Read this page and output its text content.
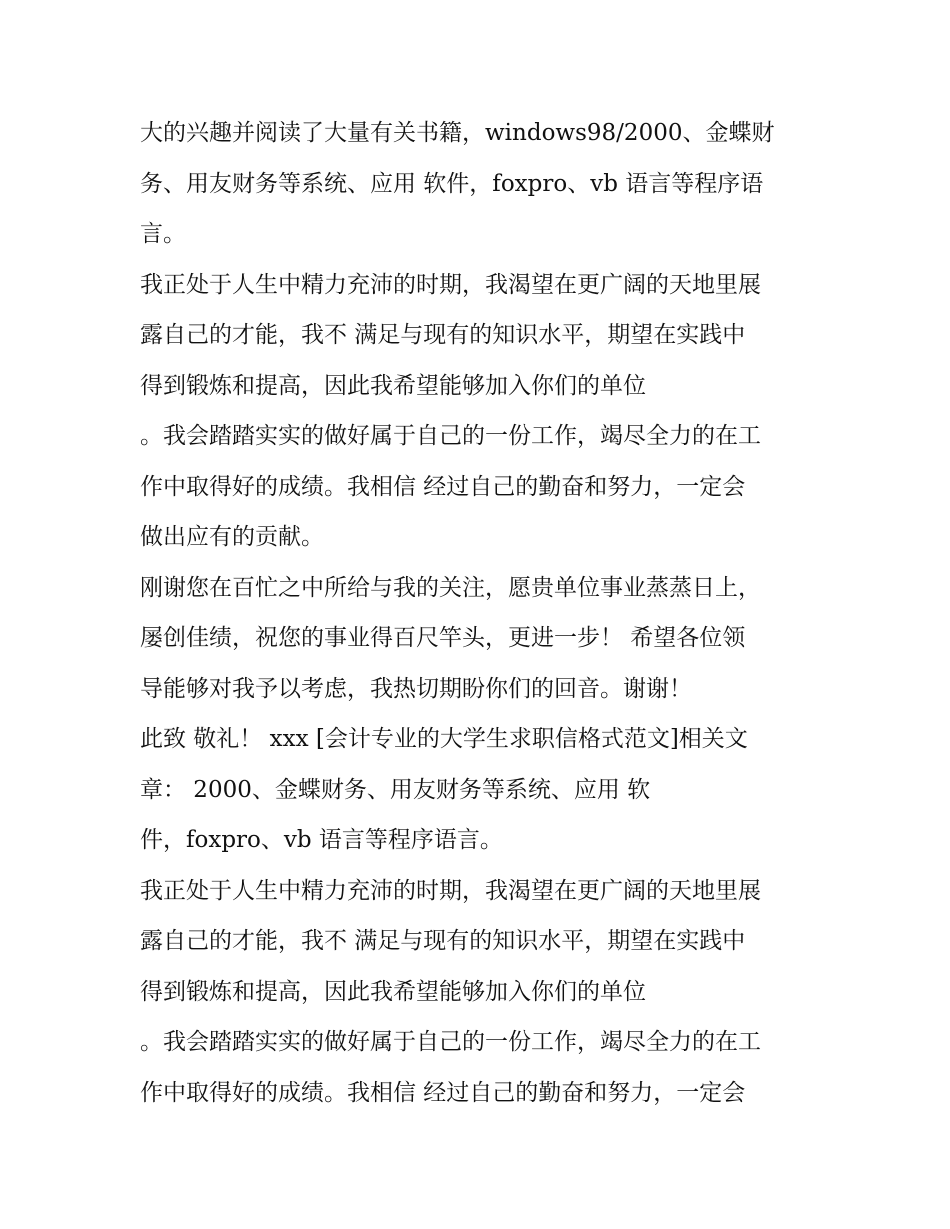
大的兴趣并阅读了大量有关书籍，windows98/2000、金蝶财
务、用友财务等系统、应用 软件，foxpro、vb 语言等程序语
言。
我正处于人生中精力充沛的时期，我渴望在更广阔的天地里展
露自己的才能，我不 满足与现有的知识水平，期望在实践中
得到锻炼和提高，因此我希望能够加入你们的单位
。我会踏踏实实的做好属于自己的一份工作，竭尽全力的在工
作中取得好的成绩。我相信 经过自己的勤奋和努力，一定会
做出应有的贡献。
刚谢您在百忙之中所给与我的关注，愿贵单位事业蒸蒸日上，
屡创佳绩，祝您的事业得百尺竿头，更进一步！ 希望各位领
导能够对我予以考虑，我热切期盼你们的回音。谢谢！
此致 敬礼！ xxx [会计专业的大学生求职信格式范文]相关文
章： 2000、金蝶财务、用友财务等系统、应用 软
件，foxpro、vb 语言等程序语言。
我正处于人生中精力充沛的时期，我渴望在更广阔的天地里展
露自己的才能，我不 满足与现有的知识水平，期望在实践中
得到锻炼和提高，因此我希望能够加入你们的单位
。我会踏踏实实的做好属于自己的一份工作，竭尽全力的在工
作中取得好的成绩。我相信 经过自己的勤奋和努力，一定会
